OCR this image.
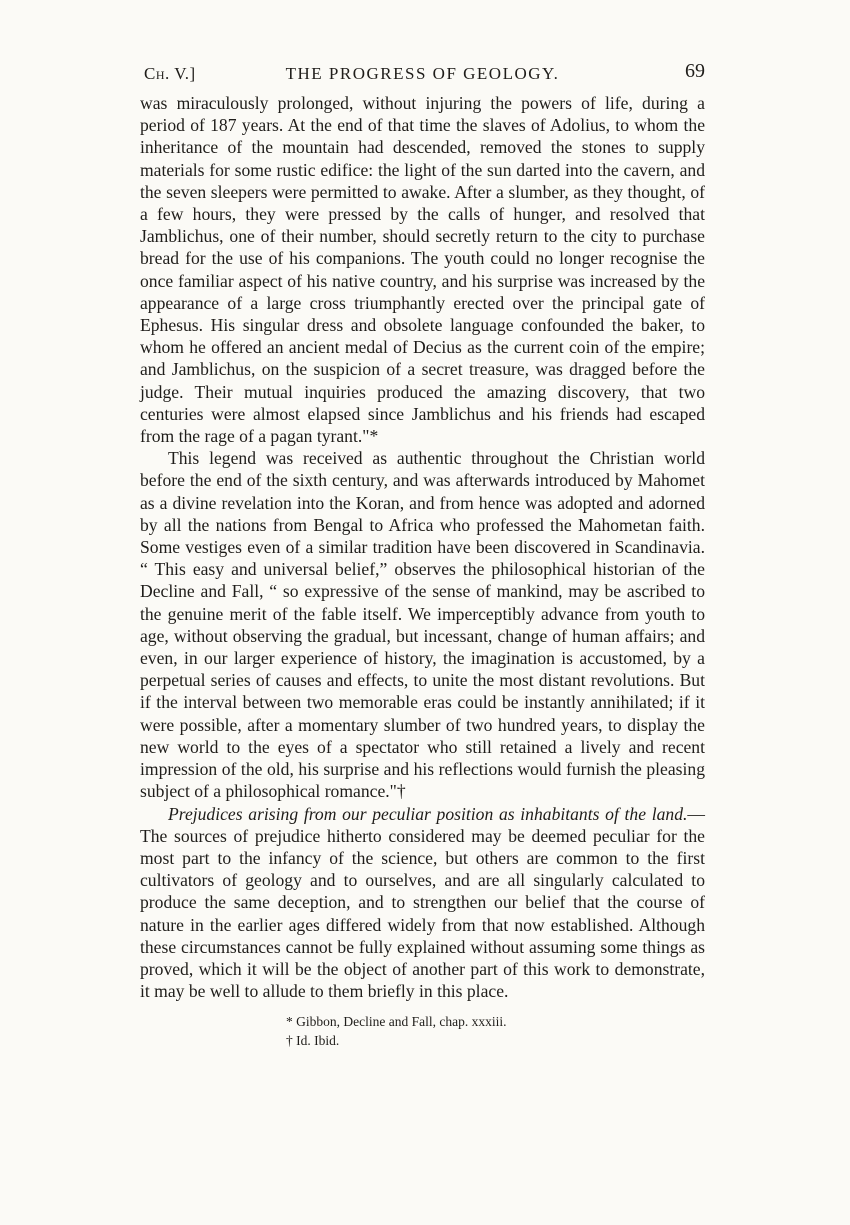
Ch. V.]	THE PROGRESS OF GEOLOGY.	69

was miraculously prolonged, without injuring the powers of life, during a period of 187 years. At the end of that time the slaves of Adolius, to whom the inheritance of the mountain had descended, removed the stones to supply materials for some rustic edifice: the light of the sun darted into the cavern, and the seven sleepers were permitted to awake. After a slumber, as they thought, of a few hours, they were pressed by the calls of hunger, and resolved that Jamblichus, one of their number, should secretly return to the city to purchase bread for the use of his companions. The youth could no longer recognise the once familiar aspect of his native country, and his surprise was increased by the appearance of a large cross triumphantly erected over the principal gate of Ephesus. His singular dress and obsolete language confounded the baker, to whom he offered an ancient medal of Decius as the current coin of the empire; and Jamblichus, on the suspicion of a secret treasure, was dragged before the judge. Their mutual inquiries produced the amazing discovery, that two centuries were almost elapsed since Jamblichus and his friends had escaped from the rage of a pagan tyrant."*

This legend was received as authentic throughout the Christian world before the end of the sixth century, and was afterwards introduced by Mahomet as a divine revelation into the Koran, and from hence was adopted and adorned by all the nations from Bengal to Africa who professed the Mahometan faith. Some vestiges even of a similar tradition have been discovered in Scandinavia. “ This easy and universal belief,” observes the philosophical historian of the Decline and Fall, “ so expressive of the sense of mankind, may be ascribed to the genuine merit of the fable itself. We imperceptibly advance from youth to age, without observing the gradual, but incessant, change of human affairs; and even, in our larger experience of history, the imagination is accustomed, by a perpetual series of causes and effects, to unite the most distant revolutions. But if the interval between two memorable eras could be instantly annihilated; if it were possible, after a momentary slumber of two hundred years, to display the new world to the eyes of a spectator who still retained a lively and recent impression of the old, his surprise and his reflections would furnish the pleasing subject of a philosophical romance."†

Prejudices arising from our peculiar position as inhabitants of the land.—The sources of prejudice hitherto considered may be deemed peculiar for the most part to the infancy of the science, but others are common to the first cultivators of geology and to ourselves, and are all singularly calculated to produce the same deception, and to strengthen our belief that the course of nature in the earlier ages differed widely from that now established. Although these circumstances cannot be fully explained without assuming some things as proved, which it will be the object of another part of this work to demonstrate, it may be well to allude to them briefly in this place.

* Gibbon, Decline and Fall, chap. xxxiii.
† Id. Ibid.
